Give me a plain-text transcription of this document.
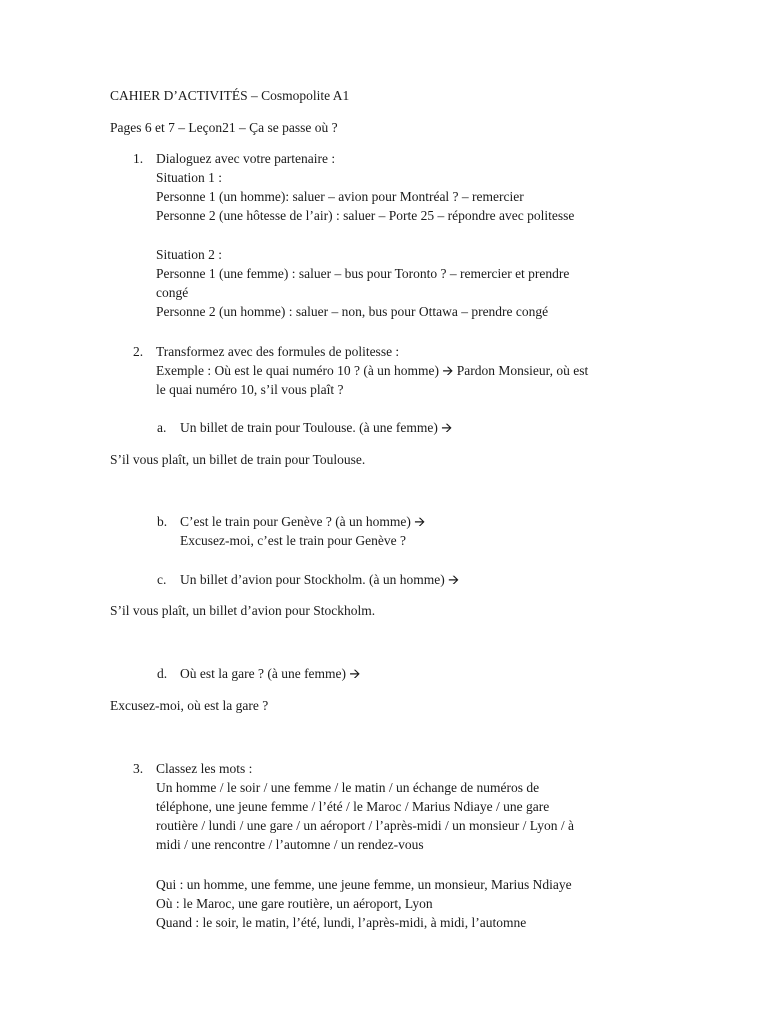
CAHIER D’ACTIVITÉS – Cosmopolite A1
Pages 6 et 7 – Leçon21 – Ça se passe où ?
1. Dialoguez avec votre partenaire :
Situation 1 :
Personne 1 (un homme): saluer – avion pour Montréal ? – remercier
Personne 2 (une hôtesse de l’air) : saluer – Porte 25 – répondre avec politesse
Situation 2 :
Personne 1 (une femme) : saluer – bus pour Toronto ? – remercier et prendre
congé
Personne 2 (un homme) : saluer – non, bus pour Ottawa – prendre congé
2. Transformez avec des formules de politesse :
Exemple : Où est le quai numéro 10 ? (à un homme) 🡪 Pardon Monsieur, où est
le quai numéro 10, s’il vous plaît ?
a. Un billet de train pour Toulouse. (à une femme) 🡪
S’il vous plaît, un billet de train pour Toulouse.
b. C’est le train pour Genève ? (à un homme) 🡪
Excusez-moi, c’est le train pour Genève ?
c. Un billet d’avion pour Stockholm. (à un homme) 🡪
S’il vous plaît, un billet d’avion pour Stockholm.
d. Où est la gare ? (à une femme) 🡪
Excusez-moi, où est la gare ?
3. Classez les mots :
Un homme / le soir / une femme / le matin / un échange de numéros de
téléphone, une jeune femme / l’été / le Maroc / Marius Ndiaye / une gare
routière / lundi / une gare / un aéroport / l’après-midi / un monsieur / Lyon / à
midi / une rencontre / l’automne / un rendez-vous
Qui : un homme, une femme, une jeune femme, un monsieur, Marius Ndiaye
Où : le Maroc, une gare routière, un aéroport, Lyon
Quand : le soir, le matin, l’été, lundi, l’après-midi, à midi, l’automne
